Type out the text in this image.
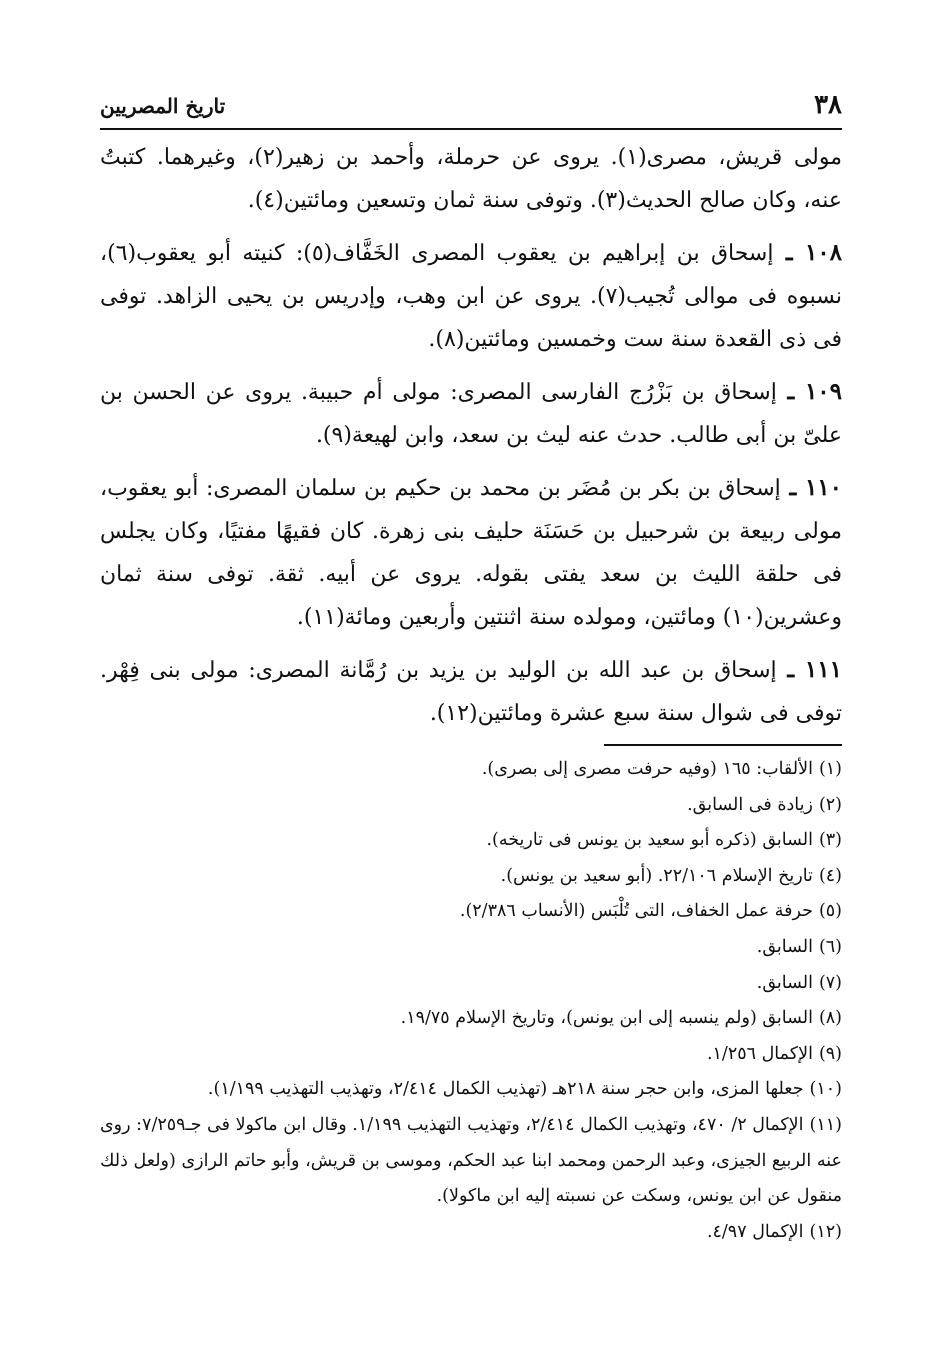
٣٨
تاريخ المصريين

مولى قريش، مصرى(١). يروى عن حرملة، وأحمد بن زهير(٢)، وغيرهما. كتبتُ عنه، وكان صالح الحديث(٣). وتوفى سنة ثمان وتسعين ومائتين(٤).

١٠٨ ـ إسحاق بن إبراهيم بن يعقوب المصرى الخَفَّاف(٥): كنيته أبو يعقوب(٦)، نسبوه فى موالى تُجيب(٧). يروى عن ابن وهب، وإدريس بن يحيى الزاهد. توفى فى ذى القعدة سنة ست وخمسين ومائتين(٨).

١٠٩ ـ إسحاق بن بَزْرُج الفارسى المصرى: مولى أم حبيبة. يروى عن الحسن بن علىّ بن أبى طالب. حدث عنه ليث بن سعد، وابن لهيعة(٩).

١١٠ ـ إسحاق بن بكر بن مُضَر بن محمد بن حكيم بن سلمان المصرى: أبو يعقوب، مولى ربيعة بن شرحبيل بن حَسَنَة حليف بنى زهرة. كان فقيهًا مفتيًا، وكان يجلس فى حلقة الليث بن سعد يفتى بقوله. يروى عن أبيه. ثقة. توفى سنة ثمان وعشرين(١٠) ومائتين، ومولده سنة اثنتين وأربعين ومائة(١١).

١١١ ـ إسحاق بن عبد الله بن الوليد بن يزيد بن رُمَّانة المصرى: مولى بنى فِهْر. توفى فى شوال سنة سبع عشرة ومائتين(١٢).

( ١ )الألقاب: ١٦٥ (وفيه حرفت مصرى إلى بصرى).
( ٢ )زيادة فى السابق.
( ٣ )السابق (ذكره أبو سعيد بن يونس فى تاريخه).
( ٤ )تاريخ الإسلام ٢٢/١٠٦. (أبو سعيد بن يونس).
( ٥ )حرفة عمل الخفاف، التى تُلْبَس (الأنساب ٢/٣٨٦).
( ٦ )السابق.
( ٧ )السابق.
( ٨ )السابق (ولم ينسبه إلى ابن يونس)، وتاريخ الإسلام ١٩/٧٥.
( ٩ )الإكمال ١/٢٥٦.
( ١٠ )جعلها المزى، وابن حجر سنة ٢١٨هـ (تهذيب الكمال ٢/٤١٤، وتهذيب التهذيب ١/١٩٩).
( ١١ )الإكمال ٢/ ٤٧٠، وتهذيب الكمال ٢/٤١٤، وتهذيب التهذيب ١/١٩٩. وقال ابن ماكولا فى جـ٧/٢٥٩: روى عنه الربيع الجيزى، وعبد الرحمن ومحمد ابنا عبد الحكم، وموسى بن قريش، وأبو حاتم الرازى (ولعل ذلك منقول عن ابن يونس، وسكت عن نسبته إليه ابن ماكولا).
( ١٢ )الإكمال ٤/٩٧.
